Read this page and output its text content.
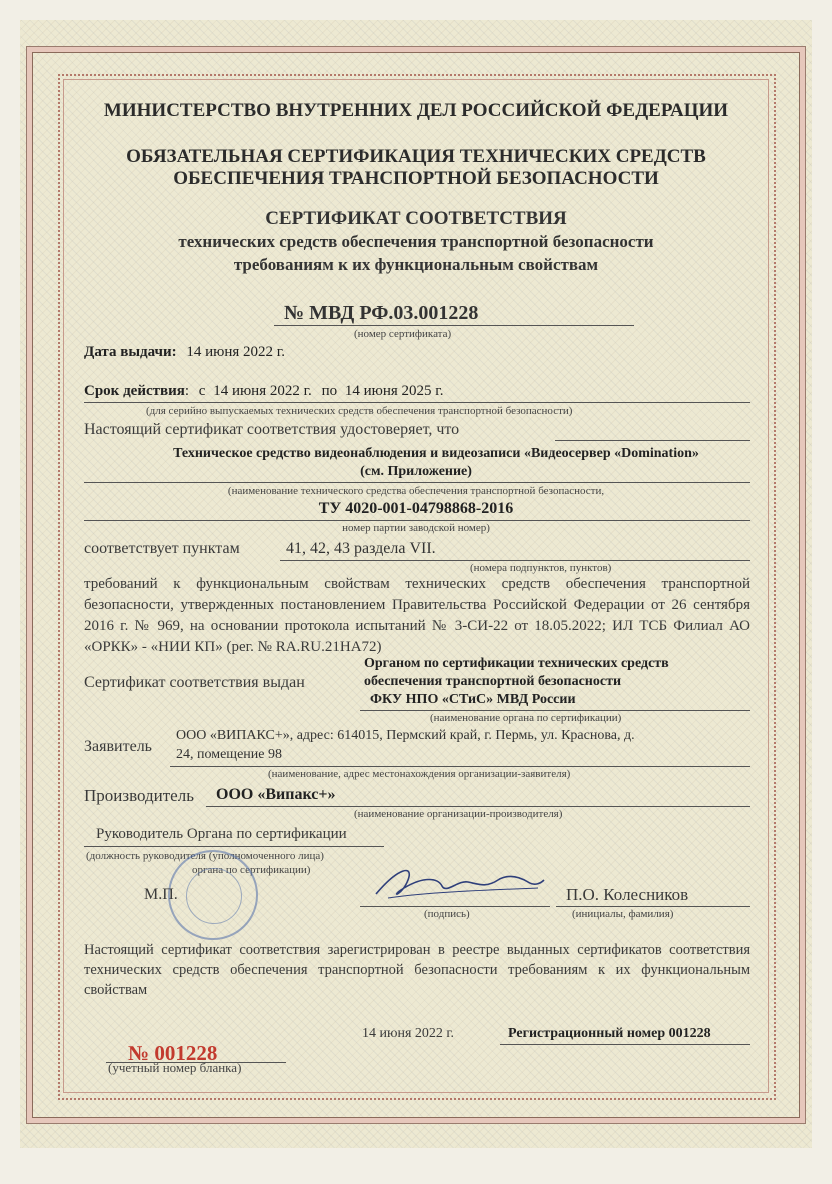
МИНИСТЕРСТВО ВНУТРЕННИХ ДЕЛ РОССИЙСКОЙ ФЕДЕРАЦИИ
ОБЯЗАТЕЛЬНАЯ СЕРТИФИКАЦИЯ ТЕХНИЧЕСКИХ СРЕДСТВ
ОБЕСПЕЧЕНИЯ ТРАНСПОРТНОЙ БЕЗОПАСНОСТИ
СЕРТИФИКАТ СООТВЕТСТВИЯ
технических средств обеспечения транспортной безопасности
требованиям к их функциональным свойствам
№ МВД РФ.03.001228
(номер сертификата)
Дата выдачи: 14 июня 2022 г.
Срок действия: с 14 июня 2022 г. по 14 июня 2025 г.
(для серийно выпускаемых технических средств обеспечения транспортной безопасности)
Настоящий сертификат соответствия удостоверяет, что
Техническое средство видеонаблюдения и видеозаписи «Видеосервер «Domination»
(см. Приложение)
(наименование технического средства обеспечения транспортной безопасности,
ТУ 4020-001-04798868-2016
номер партии заводской номер)
соответствует пунктам	41, 42, 43 раздела VII.
(номера подпунктов, пунктов)
требований к функциональным свойствам технических средств обеспечения транспортной безопасности, утвержденных постановлением Правительства Российской Федерации от 26 сентября 2016 г. № 969, на основании протокола испытаний № 3-СИ-22 от 18.05.2022; ИЛ ТСБ Филиал АО «ОРКК» - «НИИ КП» (рег. № RA.RU.21НА72)
Сертификат соответствия выдан
Органом по сертификации технических средств
обеспечения транспортной безопасности
ФКУ НПО «СТиС» МВД России
(наименование органа по сертификации)
Заявитель
ООО «ВИПАКС+», адрес: 614015, Пермский край, г. Пермь, ул. Краснова, д.
24, помещение 98
(наименование, адрес местонахождения организации-заявителя)
Производитель ООО «Випакс+»
(наименование организации-производителя)
Руководитель Органа по сертификации
(должность руководителя (уполномоченного лица)
органа по сертификации)
М.П.
(подпись)
П.О. Колесников
(инициалы, фамилия)
Настоящий сертификат соответствия зарегистрирован в реестре выданных сертификатов соответствия технических средств обеспечения транспортной безопасности требованиям к их функциональным свойствам
14 июня 2022 г.	Регистрационный номер 001228
№ 001228
(учетный номер бланка)
